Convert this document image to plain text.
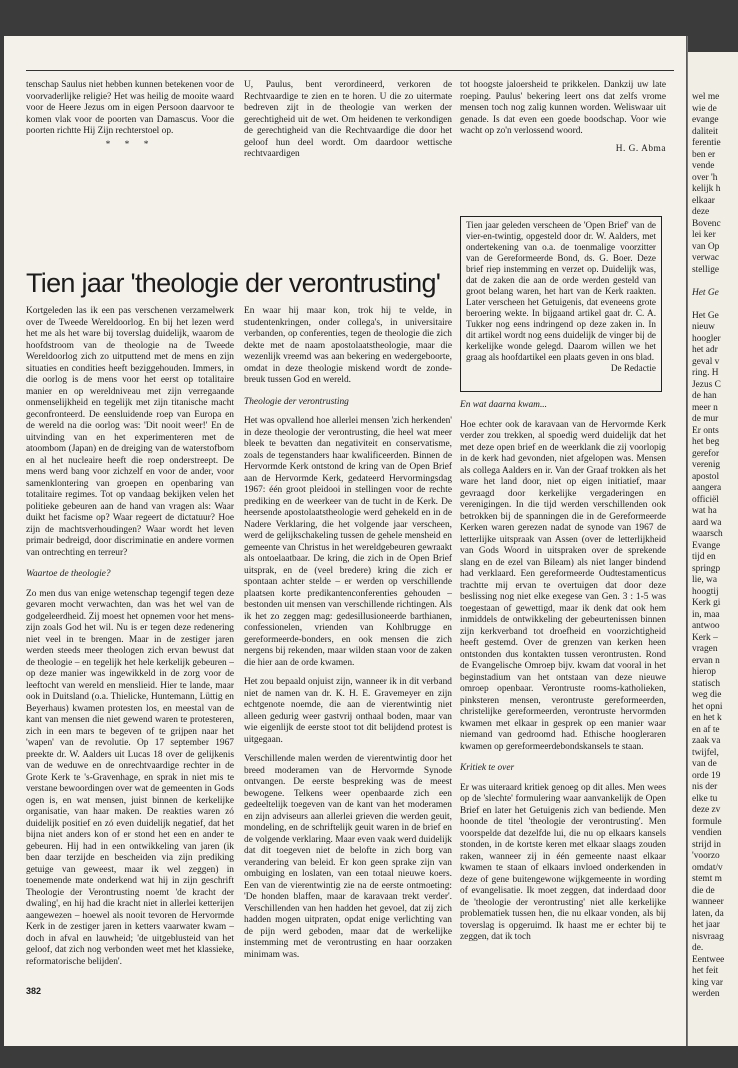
tenschap Saulus niet hebben kunnen betekenen voor de voorvaderlijke religie? Het was heilig de mooite waard voor de Heere Jezus om in eigen Persoon daarvoor te komen vlak voor de poorten van Damascus. Voor die poorten richtte Hij Zijn rechterstoel op.

* * *

U, Paulus, bent verordineerd, verkoren de Rechtvaardige te zien en te horen. U die zo uitermate bedreven zijt in de theologie van werken der gerechtigheid uit de wet. Om heidenen te verkondigen de gerechtigheid van die Rechtvaardige die door het geloof hun deel wordt. Om daardoor wettische rechtvaardigen

tot hoogste jaloersheid te prikkelen. Dankzij uw late roeping. Paulus' bekering leert ons dat zelfs vrome mensen toch nog zalig kunnen worden. Weliswaar uit genade. Is dat even een goede boodschap. Voor wie wacht op zo'n verlossend woord.

H. G. Abma

Tien jaar geleden verscheen de 'Open Brief' van de vier-en-twintig, opgesteld door dr. W. Aalders, met ondertekening van o.a. de toenmalige voorzitter van de Gereformeerde Bond, ds. G. Boer. Deze brief riep instemming en verzet op. Duidelijk was, dat de zaken die aan de orde werden gesteld van groot belang waren, het hart van de Kerk raakten. Later verscheen het Getuigenis, dat eveneens grote beroering wekte. In bijgaand artikel gaat dr. C. A. Tukker nog eens indringend op deze zaken in. In dit artikel wordt nog eens duidelijk de vinger bij de kerkelijke wonde gelegd. Daarom willen we het graag als hoofdartikel een plaats geven in ons blad.
De Redactie
Tien jaar 'theologie der verontrusting'

Kortgeleden las ik een pas verschenen verzamelwerk over de Tweede Wereldoorlog. En bij het lezen werd het me als het ware bij toverslag duidelijk, waarom de hoofdstroom van de theologie na de Tweede Wereldoorlog zich zo uitputtend met de mens en zijn situaties en condities heeft beziggehouden. Immers, in die oorlog is de mens voor het eerst op totalitaire manier en op wereldniveau met zijn verregaande onmenselijkheid en tegelijk met zijn titanische macht geconfronteerd. De eensluidende roep van Europa en de wereld na die oorlog was: 'Dit nooit weer!' En de uitvinding van en het experimenteren met de atoombom (Japan) en de dreiging van de waterstofbom en al het nucleaire heeft die roep onderstreept. De mens werd bang voor zichzelf en voor de ander, voor samenklontering van groepen en openbaring van totalitaire regimes. Tot op vandaag bekijken velen het politieke gebeuren aan de hand van vragen als: Waar duikt het facisme op? Waar regeert de dictatuur? Hoe zijn de machtsverhoudingen? Waar wordt het leven primair bedreigd, door discriminatie en andere vormen van ontrechting en terreur?

Waartoe de theologie?

Zo men dus van enige wetenschap tegengif tegen deze gevaren mocht verwachten, dan was het wel van de godgeleerdheid. Zij moest het opnemen voor het mens-zijn zoals God het wil. Nu is er tegen deze redenering niet veel in te brengen. Maar in de zestiger jaren werden steeds meer theologen zich ervan bewust dat de theologie – en tegelijk het hele kerkelijk gebeuren – op deze manier was ingewikkeld in de zorg voor de leeftocht van wereld en menslieid. Hier te lande, maar ook in Duitsland (o.a. Thielicke, Huntemann, Lüttig en Beyerhaus) kwamen protesten los, en meestal van de kant van mensen die niet gewend waren te protesteren, zich in een mars te begeven of te grijpen naar het 'wapen' van de revolutie. Op 17 september 1967 preekte dr. W. Aalders uit Lucas 18 over de gelijkenis van de weduwe en de onrechtvaardige rechter in de Grote Kerk te 's-Gravenhage, en sprak in niet mis te verstane bewoordingen over wat de gemeenten in Gods ogen is, en wat mensen, juist binnen de kerkelijke organisatie, van haar maken. De reakties waren zó duidelijk positief en zó even duidelijk negatief, dat het bijna niet anders kon of er stond het een en ander te gebeuren. Hij had in een ontwikkeling van jaren (ik ben daar terzijde en bescheiden via zijn prediking getuige van geweest, maar ik wel zeggen) in toenemende mate onderkend wat hij in zijn geschrift Theologie der Verontrusting noemt 'de kracht der dwaling', en hij had die kracht niet in allerlei ketterijen aangewezen – hoewel als nooit tevoren de Hervormde Kerk in de zestiger jaren in ketters vaarwater kwam – doch in afval en lauwheid; 'de uitgeblusteid van het geloof, dat zich nog verbonden weet met het klassieke, reformatorische belijden'.

En waar hij maar kon, trok hij te velde, in studentenkringen, onder collega's, in universitaire verbanden, op conferenties, tegen de theologie die zich dekte met de naam apostolaatstheologie, maar die wezenlijk vreemd was aan bekering en wedergeboorte, omdat in deze theologie miskend wordt de zonde-breuk tussen God en wereld.

Theologie der verontrusting

Het was opvallend hoe allerlei mensen 'zich herkenden' in deze theologie der verontrusting, die heel wat meer bleek te bevatten dan negativiteit en conservatisme, zoals de tegenstanders haar kwalificeerden. Binnen de Hervormde Kerk ontstond de kring van de Open Brief aan de Hervormde Kerk, gedateerd Hervormingsdag 1967: één groot pleidooi in stellingen voor de rechte prediking en de weerkeer van de tucht in de Kerk. De heersende apostolaatstheologie werd gehekeld en in de Nadere Verklaring, die het volgende jaar verscheen, werd de gelijkschakeling tussen de gehele mensheid en gemeente van Christus in het wereldgebeuren gewraakt als ontoelaatbaar. De kring, die zich in de Open Brief uitsprak, en de (veel bredere) kring die zich er spontaan achter stelde – er werden op verschillende plaatsen korte predikantenconferenties gehouden – bestonden uit mensen van verschillende richtingen. Als ik het zo zeggen mag: gedesillusioneerde barthianen, confessionelen, vrienden van Kohlbrugge en gereformeerde-bonders, en ook mensen die zich nergens bij rekenden, maar wilden staan voor de zaken die hier aan de orde kwamen.

Het zou bepaald onjuist zijn, wanneer ik in dit verband niet de namen van dr. K. H. E. Gravemeyer en zijn echtgenote noemde, die aan de vierentwintig niet alleen gedurig weer gastvrij onthaal boden, maar van wie eigenlijk de eerste stoot tot dit belijdend protest is uitgegaan.

Verschillende malen werden de vierentwintig door het breed moderamen van de Hervormde Synode ontvangen. De eerste bespreking was de meest bewogene. Telkens weer openbaarde zich een gedeeltelijk toegeven van de kant van het moderamen en zijn adviseurs aan allerlei grieven die werden geuit, mondeling, en de schriftelijk geuit waren in de brief en de volgende verklaring. Maar even vaak werd duidelijk dat dit toegeven niet de belofte in zich borg van verandering van beleid. Er kon geen sprake zijn van ombuiging en loslaten, van een totaal nieuwe koers. Een van de vierentwintig zie na de eerste ontmoeting: 'De honden blaffen, maar de karavaan trekt verder'. Verschillenden van hen hadden het gevoel, dat zij zich hadden mogen uitpraten, opdat enige verlichting van de pijn werd geboden, maar dat de werkelijke instemming met de verontrusting en haar oorzaken minimam was.

En wat daarna kwam...

Hoe echter ook de karavaan van de Hervormde Kerk verder zou trekken, al spoedig werd duidelijk dat het met deze open brief en de weerklank die zij voorlopig in de kerk had gevonden, niet afgelopen was. Mensen als collega Aalders en ir. Van der Graaf trokken als het ware het land door, niet op eigen initiatief, maar gevraagd door kerkelijke vergaderingen en verenigingen. In die tijd werden verschillenden ook betrokken bij de spanningen die in de Gereformeerde Kerken waren gerezen nadat de synode van 1967 de letterlijke uitspraak van Assen (over de letterlijkheid van Gods Woord in uitspraken over de sprekende slang en de ezel van Bileam) als niet langer bindend had verklaard. Een gereformeerde Oudtestamenticus trachtte mij ervan te overtuigen dat door deze beslissing nog niet elke exegese van Gen. 3 : 1-5 was toegestaan of gewettigd, maar ik denk dat ook hem inmiddels de ontwikkeling der gebeurtenissen binnen zijn kerkverband tot droefheid en voorzichtigheid heeft gestemd. Over de grenzen van kerken heen ontstonden dus kontakten tussen verontrusten. Rond de Evangelische Omroep bijv. kwam dat vooral in het beginstadium van het ontstaan van deze nieuwe omroep openbaar. Verontruste rooms-katholieken, pinksteren mensen, verontruste gereformeerden, christelijke gereformeerden, verontruste hervormden kwamen met elkaar in gesprek op een manier waar niemand van gedroomd had. Ethische hoogleraren kwamen op gereformeerdebondskansels te staan.

Kritiek te over

Er was uiteraard kritiek genoeg op dit alles. Men wees op de 'slechte' formulering waar aanvankelijk de Open Brief en later het Getuigenis zich van bediende. Men hoonde de titel 'theologie der verontrusting'. Men voorspelde dat dezelfde lui, die nu op elkaars kansels stonden, in de kortste keren met elkaar slaags zouden raken, wanneer zij in één gemeente naast elkaar kwamen te staan of elkaars invloed onderkenden in deze of gene buitengewone wijkgemeente in wording of evangelisatie. Ik moet zeggen, dat inderdaad door de 'theologie der verontrusting' niet alle kerkelijke problematiek tussen hen, die nu elkaar vonden, als bij toverslag is opgeruimd. Ik haast me er echter bij te zeggen, dat ik toch

382
wel me
wie de
evange
daliteit
ferentie
ben er
vende
over 'h
kelijk h
elkaar
deze
Bovenc
lei ker
van Op
verwac
stellige

Het Ge

Het Ge
nieuw
hoogler
het adr
geval v
ring. H
Jezus C
de han
meer n
de mur
Er onts
het beg
gerefor
verenig
apostol
aangera
officiël
wat ha
aard wa
waarsch
Evange
tijd en
springp
lie, wa
hoogtij
Kerk gi
in, maa
antwoo
Kerk –
vragen
ervan n
hierop
statisch
weg die
het opni
en het k
en af te
zaak va
twijfel,
van de
orde 19
nis der
elke tu
deze zv
formule
vendien
strijd in
'voorzo
omdat/v
stemt m
die de
wanneer
laten, da
het jaar
nisvraag
de.
Eentwee
het feit
king var
werden
